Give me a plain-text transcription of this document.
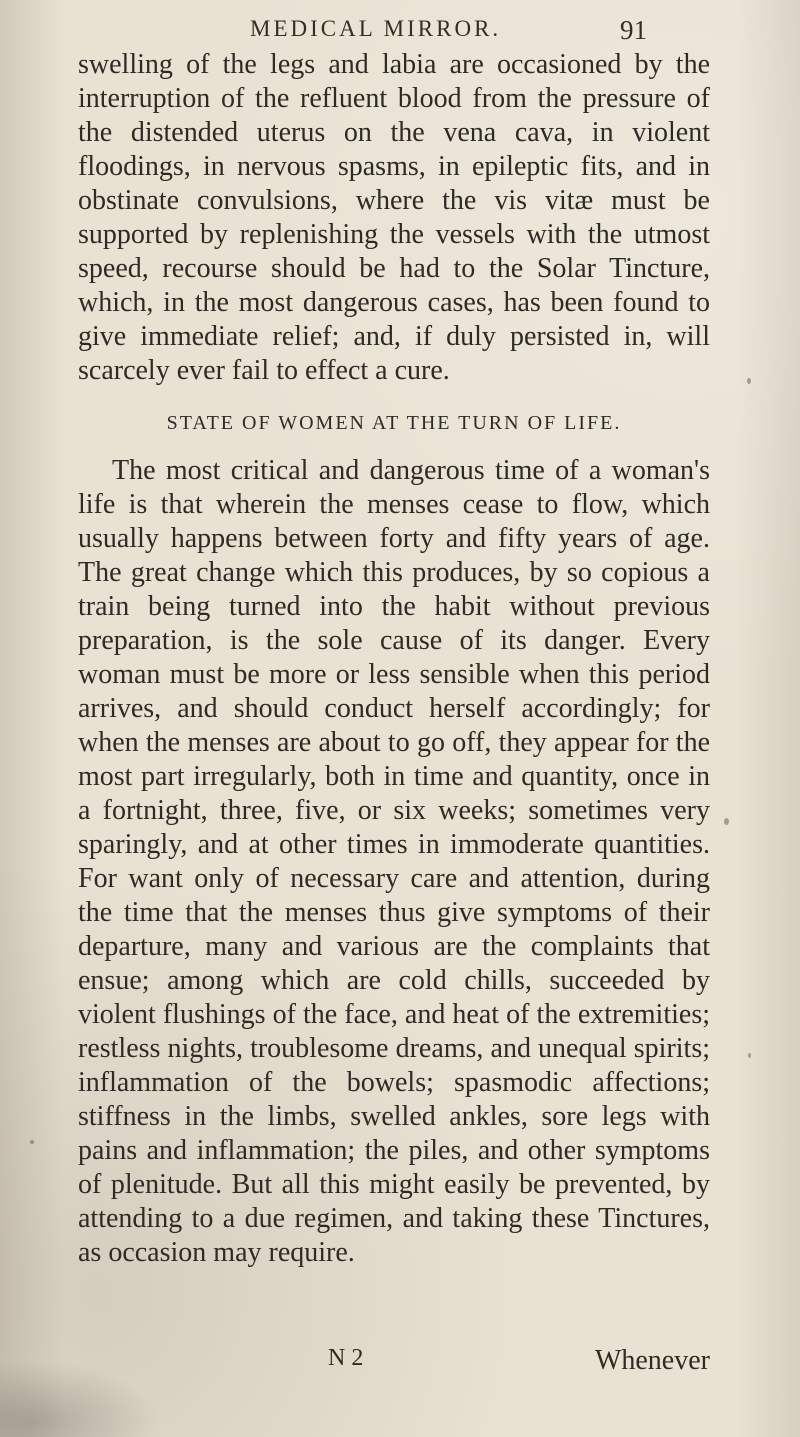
MEDICAL MIRROR.	91

swelling of the legs and labia are occasioned by the interruption of the refluent blood from the pressure of the distended uterus on the vena cava, in violent floodings, in nervous spasms, in epileptic fits, and in obstinate convulsions, where the vis vitæ must be supported by replenishing the vessels with the utmost speed, recourse should be had to the Solar Tincture, which, in the most dangerous cases, has been found to give immediate relief; and, if duly persisted in, will scarcely ever fail to effect a cure.

STATE OF WOMEN AT THE TURN OF LIFE.

The most critical and dangerous time of a woman's life is that wherein the menses cease to flow, which usually happens between forty and fifty years of age. The great change which this produces, by so copious a train being turned into the habit without previous preparation, is the sole cause of its danger. Every woman must be more or less sensible when this period arrives, and should conduct herself accordingly; for when the menses are about to go off, they appear for the most part irregularly, both in time and quantity, once in a fortnight, three, five, or six weeks; sometimes very sparingly, and at other times in immoderate quantities. For want only of necessary care and attention, during the time that the menses thus give symptoms of their departure, many and various are the complaints that ensue; among which are cold chills, succeeded by violent flushings of the face, and heat of the extremities; restless nights, troublesome dreams, and unequal spirits; inflammation of the bowels; spasmodic affections; stiffness in the limbs, swelled ankles, sore legs with pains and inflammation; the piles, and other symptoms of plenitude. But all this might easily be prevented, by attending to a due regimen, and taking these Tinctures, as occasion may require.

N 2	Whenever
